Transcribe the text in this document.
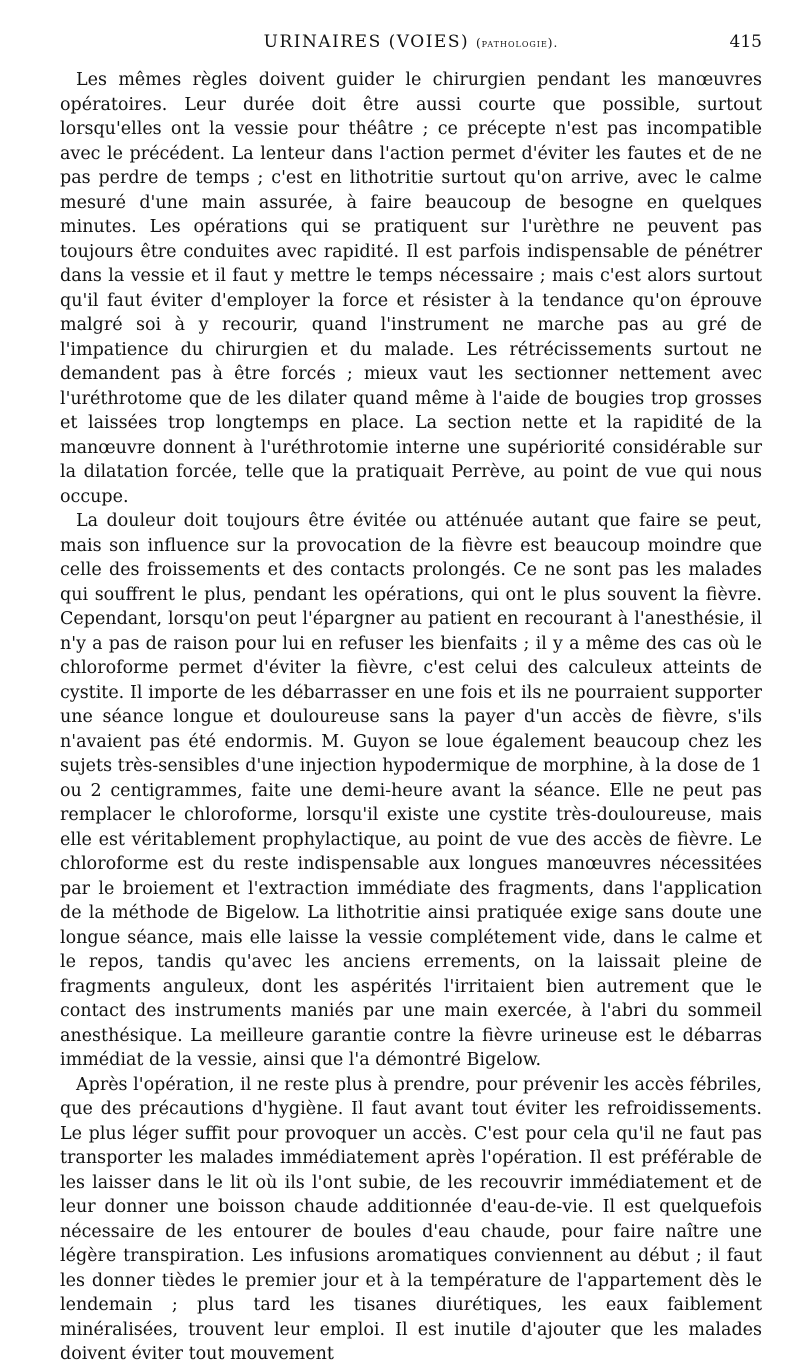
URINAIRES (VOIES) (pathologie).	415

Les mêmes règles doivent guider le chirurgien pendant les manœuvres opératoires. Leur durée doit être aussi courte que possible, surtout lorsqu'elles ont la vessie pour théâtre ; ce précepte n'est pas incompatible avec le précédent. La lenteur dans l'action permet d'éviter les fautes et de ne pas perdre de temps ; c'est en lithotritie surtout qu'on arrive, avec le calme mesuré d'une main assurée, à faire beaucoup de besogne en quelques minutes. Les opérations qui se pratiquent sur l'urèthre ne peuvent pas toujours être conduites avec rapidité. Il est parfois indispensable de pénétrer dans la vessie et il faut y mettre le temps nécessaire ; mais c'est alors surtout qu'il faut éviter d'employer la force et résister à la tendance qu'on éprouve malgré soi à y recourir, quand l'instrument ne marche pas au gré de l'impatience du chirurgien et du malade. Les rétrécissements surtout ne demandent pas à être forcés ; mieux vaut les sectionner nettement avec l'uréthrotome que de les dilater quand même à l'aide de bougies trop grosses et laissées trop longtemps en place. La section nette et la rapidité de la manœuvre donnent à l'uréthrotomie interne une supériorité considérable sur la dilatation forcée, telle que la pratiquait Perrève, au point de vue qui nous occupe.

La douleur doit toujours être évitée ou atténuée autant que faire se peut, mais son influence sur la provocation de la fièvre est beaucoup moindre que celle des froissements et des contacts prolongés. Ce ne sont pas les malades qui souffrent le plus, pendant les opérations, qui ont le plus souvent la fièvre. Cependant, lorsqu'on peut l'épargner au patient en recourant à l'anesthésie, il n'y a pas de raison pour lui en refuser les bienfaits ; il y a même des cas où le chloroforme permet d'éviter la fièvre, c'est celui des calculeux atteints de cystite. Il importe de les débarrasser en une fois et ils ne pourraient supporter une séance longue et douloureuse sans la payer d'un accès de fièvre, s'ils n'avaient pas été endormis. M. Guyon se loue également beaucoup chez les sujets très-sensibles d'une injection hypodermique de morphine, à la dose de 1 ou 2 centigrammes, faite une demi-heure avant la séance. Elle ne peut pas remplacer le chloroforme, lorsqu'il existe une cystite très-douloureuse, mais elle est véritablement prophylactique, au point de vue des accès de fièvre. Le chloroforme est du reste indispensable aux longues manœuvres nécessitées par le broiement et l'extraction immédiate des fragments, dans l'application de la méthode de Bigelow. La lithotritie ainsi pratiquée exige sans doute une longue séance, mais elle laisse la vessie complétement vide, dans le calme et le repos, tandis qu'avec les anciens errements, on la laissait pleine de fragments anguleux, dont les aspérités l'irritaient bien autrement que le contact des instruments maniés par une main exercée, à l'abri du sommeil anesthésique. La meilleure garantie contre la fièvre urineuse est le débarras immédiat de la vessie, ainsi que l'a démontré Bigelow.

Après l'opération, il ne reste plus à prendre, pour prévenir les accès fébriles, que des précautions d'hygiène. Il faut avant tout éviter les refroidissements. Le plus léger suffit pour provoquer un accès. C'est pour cela qu'il ne faut pas transporter les malades immédiatement après l'opération. Il est préférable de les laisser dans le lit où ils l'ont subie, de les recouvrir immédiatement et de leur donner une boisson chaude additionnée d'eau-de-vie. Il est quelquefois nécessaire de les entourer de boules d'eau chaude, pour faire naître une légère transpiration. Les infusions aromatiques conviennent au début ; il faut les donner tièdes le premier jour et à la température de l'appartement dès le lendemain ; plus tard les tisanes diurétiques, les eaux faiblement minéralisées, trouvent leur emploi. Il est inutile d'ajouter que les malades doivent éviter tout mouvement
